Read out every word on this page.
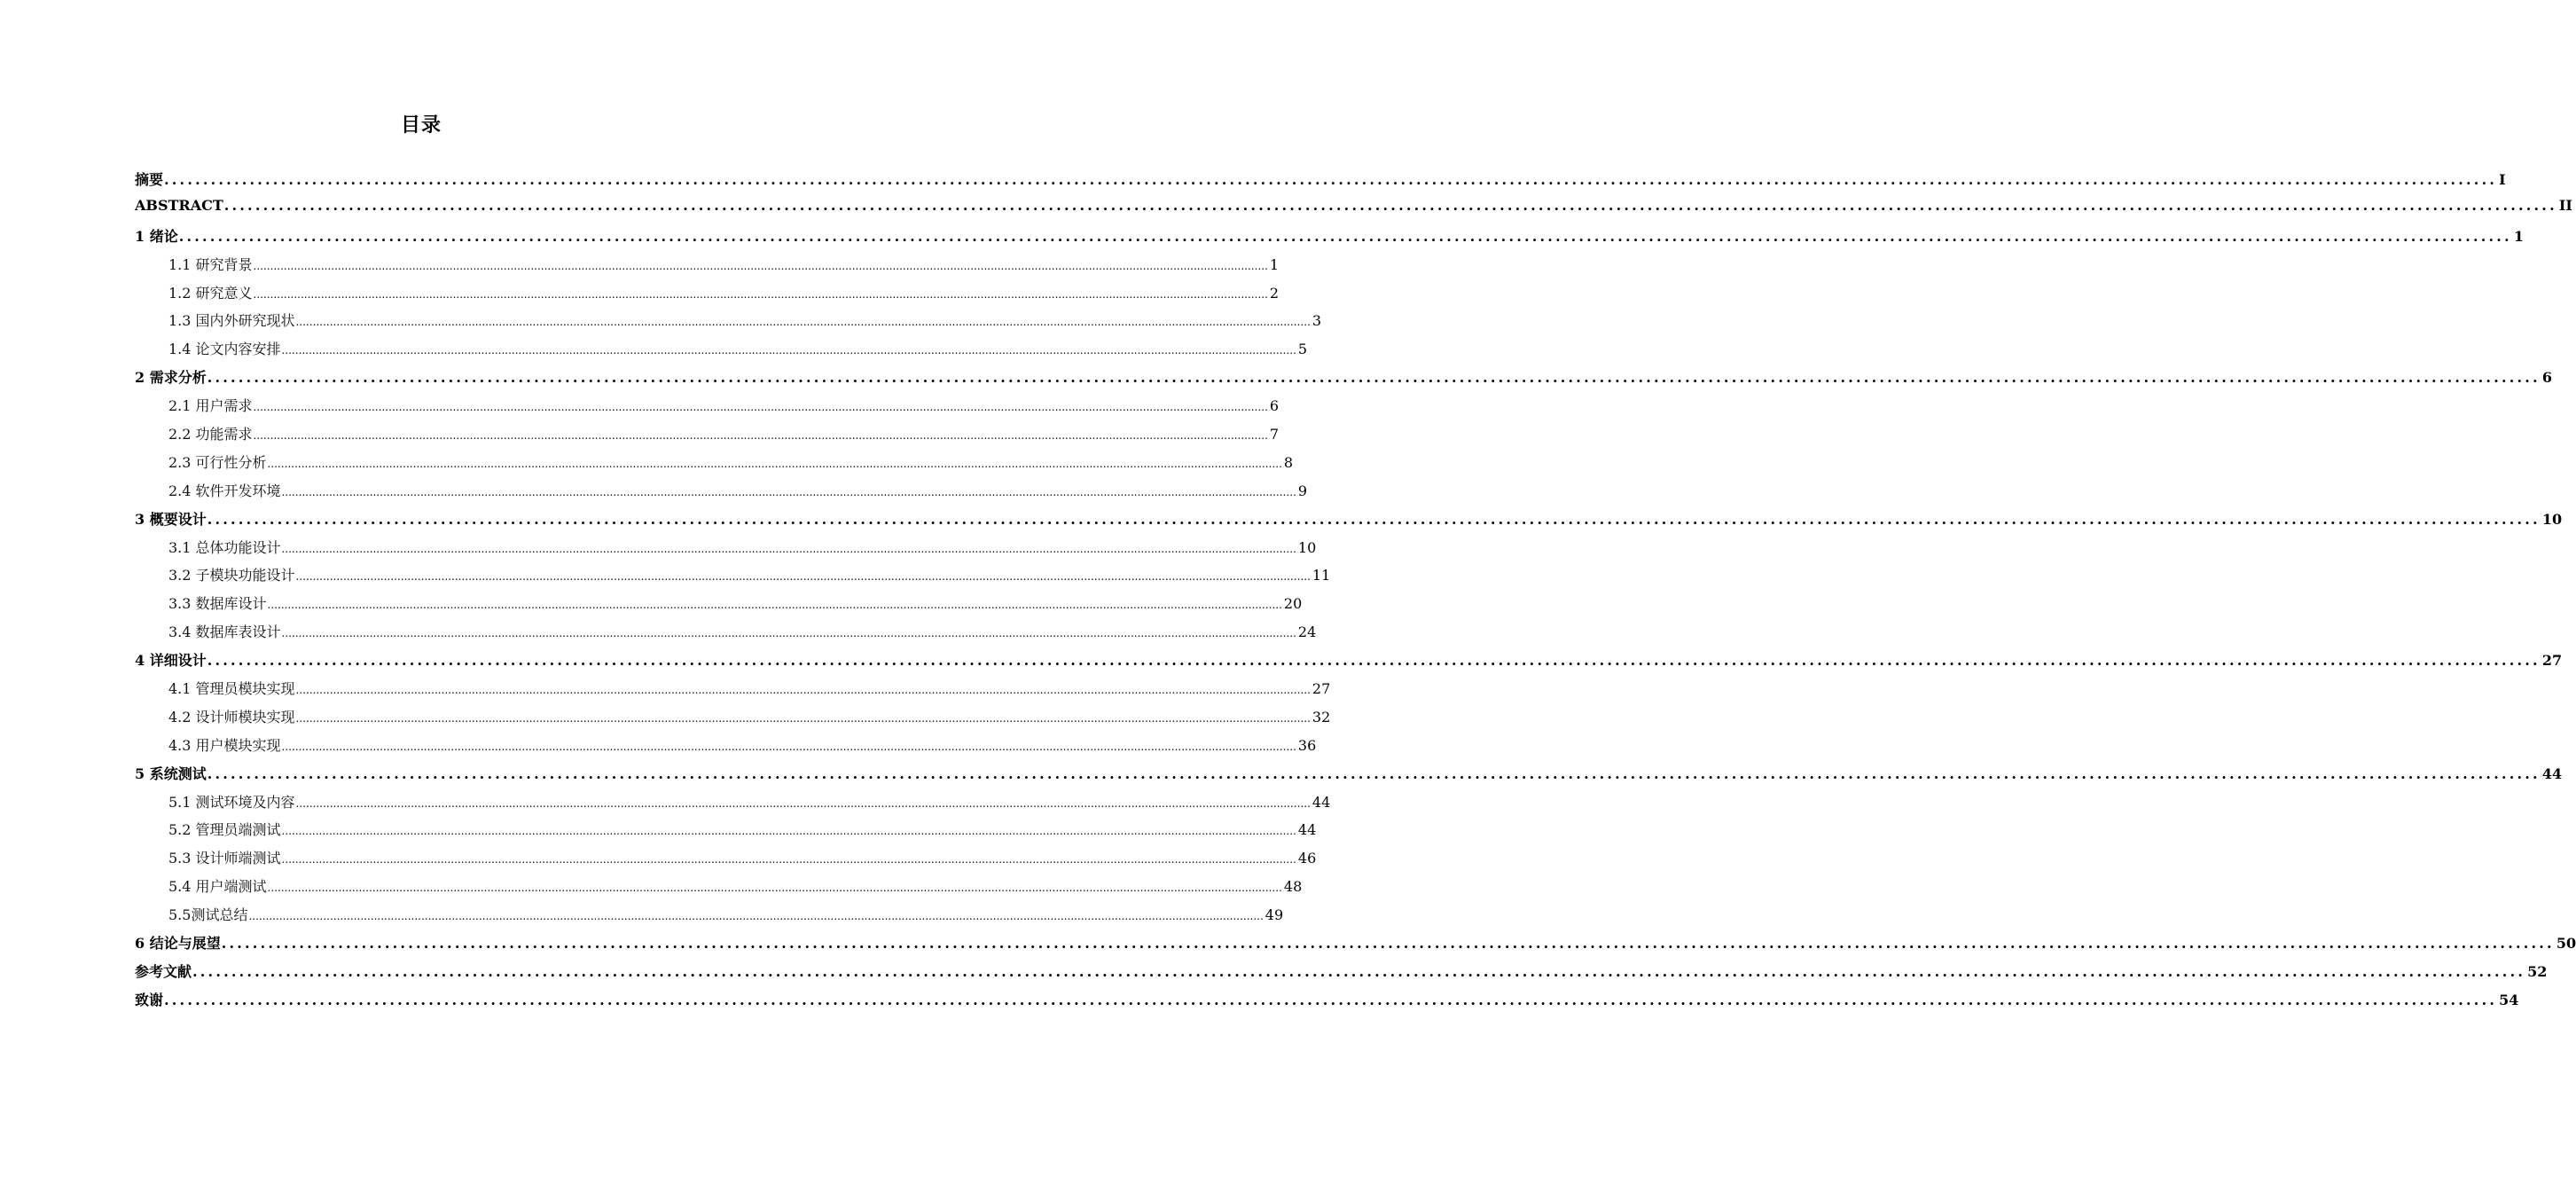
目录
摘要 ............................................................................................................................................................................................................................................................................................................ I
ABSTRACT ............................................................................................................................................................................................................................................................................................................ II
1 绪论 ............................................................................................................................................................................................................................................................................................................ 1
1.1 研究背景 ............................................................................................................................................................................................................................................................................................................ 1
1.2 研究意义 ............................................................................................................................................................................................................................................................................................................ 2
1.3 国内外研究现状 ............................................................................................................................................................................................................................................................................................................ 3
1.4 论文内容安排 ............................................................................................................................................................................................................................................................................................................ 5
2 需求分析 ............................................................................................................................................................................................................................................................................................................ 6
2.1 用户需求 ............................................................................................................................................................................................................................................................................................................ 6
2.2 功能需求 ............................................................................................................................................................................................................................................................................................................ 7
2.3 可行性分析 ............................................................................................................................................................................................................................................................................................................ 8
2.4 软件开发环境 ............................................................................................................................................................................................................................................................................................................ 9
3 概要设计 ............................................................................................................................................................................................................................................................................................................ 10
3.1 总体功能设计 ............................................................................................................................................................................................................................................................................................................ 10
3.2 子模块功能设计 ............................................................................................................................................................................................................................................................................................................ 11
3.3 数据库设计 ............................................................................................................................................................................................................................................................................................................ 20
3.4 数据库表设计 ............................................................................................................................................................................................................................................................................................................ 24
4 详细设计 ............................................................................................................................................................................................................................................................................................................ 27
4.1 管理员模块实现 ............................................................................................................................................................................................................................................................................................................ 27
4.2 设计师模块实现 ............................................................................................................................................................................................................................................................................................................ 32
4.3 用户模块实现 ............................................................................................................................................................................................................................................................................................................ 36
5 系统测试 ............................................................................................................................................................................................................................................................................................................ 44
5.1 测试环境及内容 ............................................................................................................................................................................................................................................................................................................ 44
5.2 管理员端测试 ............................................................................................................................................................................................................................................................................................................ 44
5.3 设计师端测试 ............................................................................................................................................................................................................................................................................................................ 46
5.4 用户端测试 ............................................................................................................................................................................................................................................................................................................ 48
5.5测试总结 ............................................................................................................................................................................................................................................................................................................ 49
6 结论与展望 ............................................................................................................................................................................................................................................................................................................ 50
参考文献 ............................................................................................................................................................................................................................................................................................................ 52
致谢 ............................................................................................................................................................................................................................................................................................................ 54
